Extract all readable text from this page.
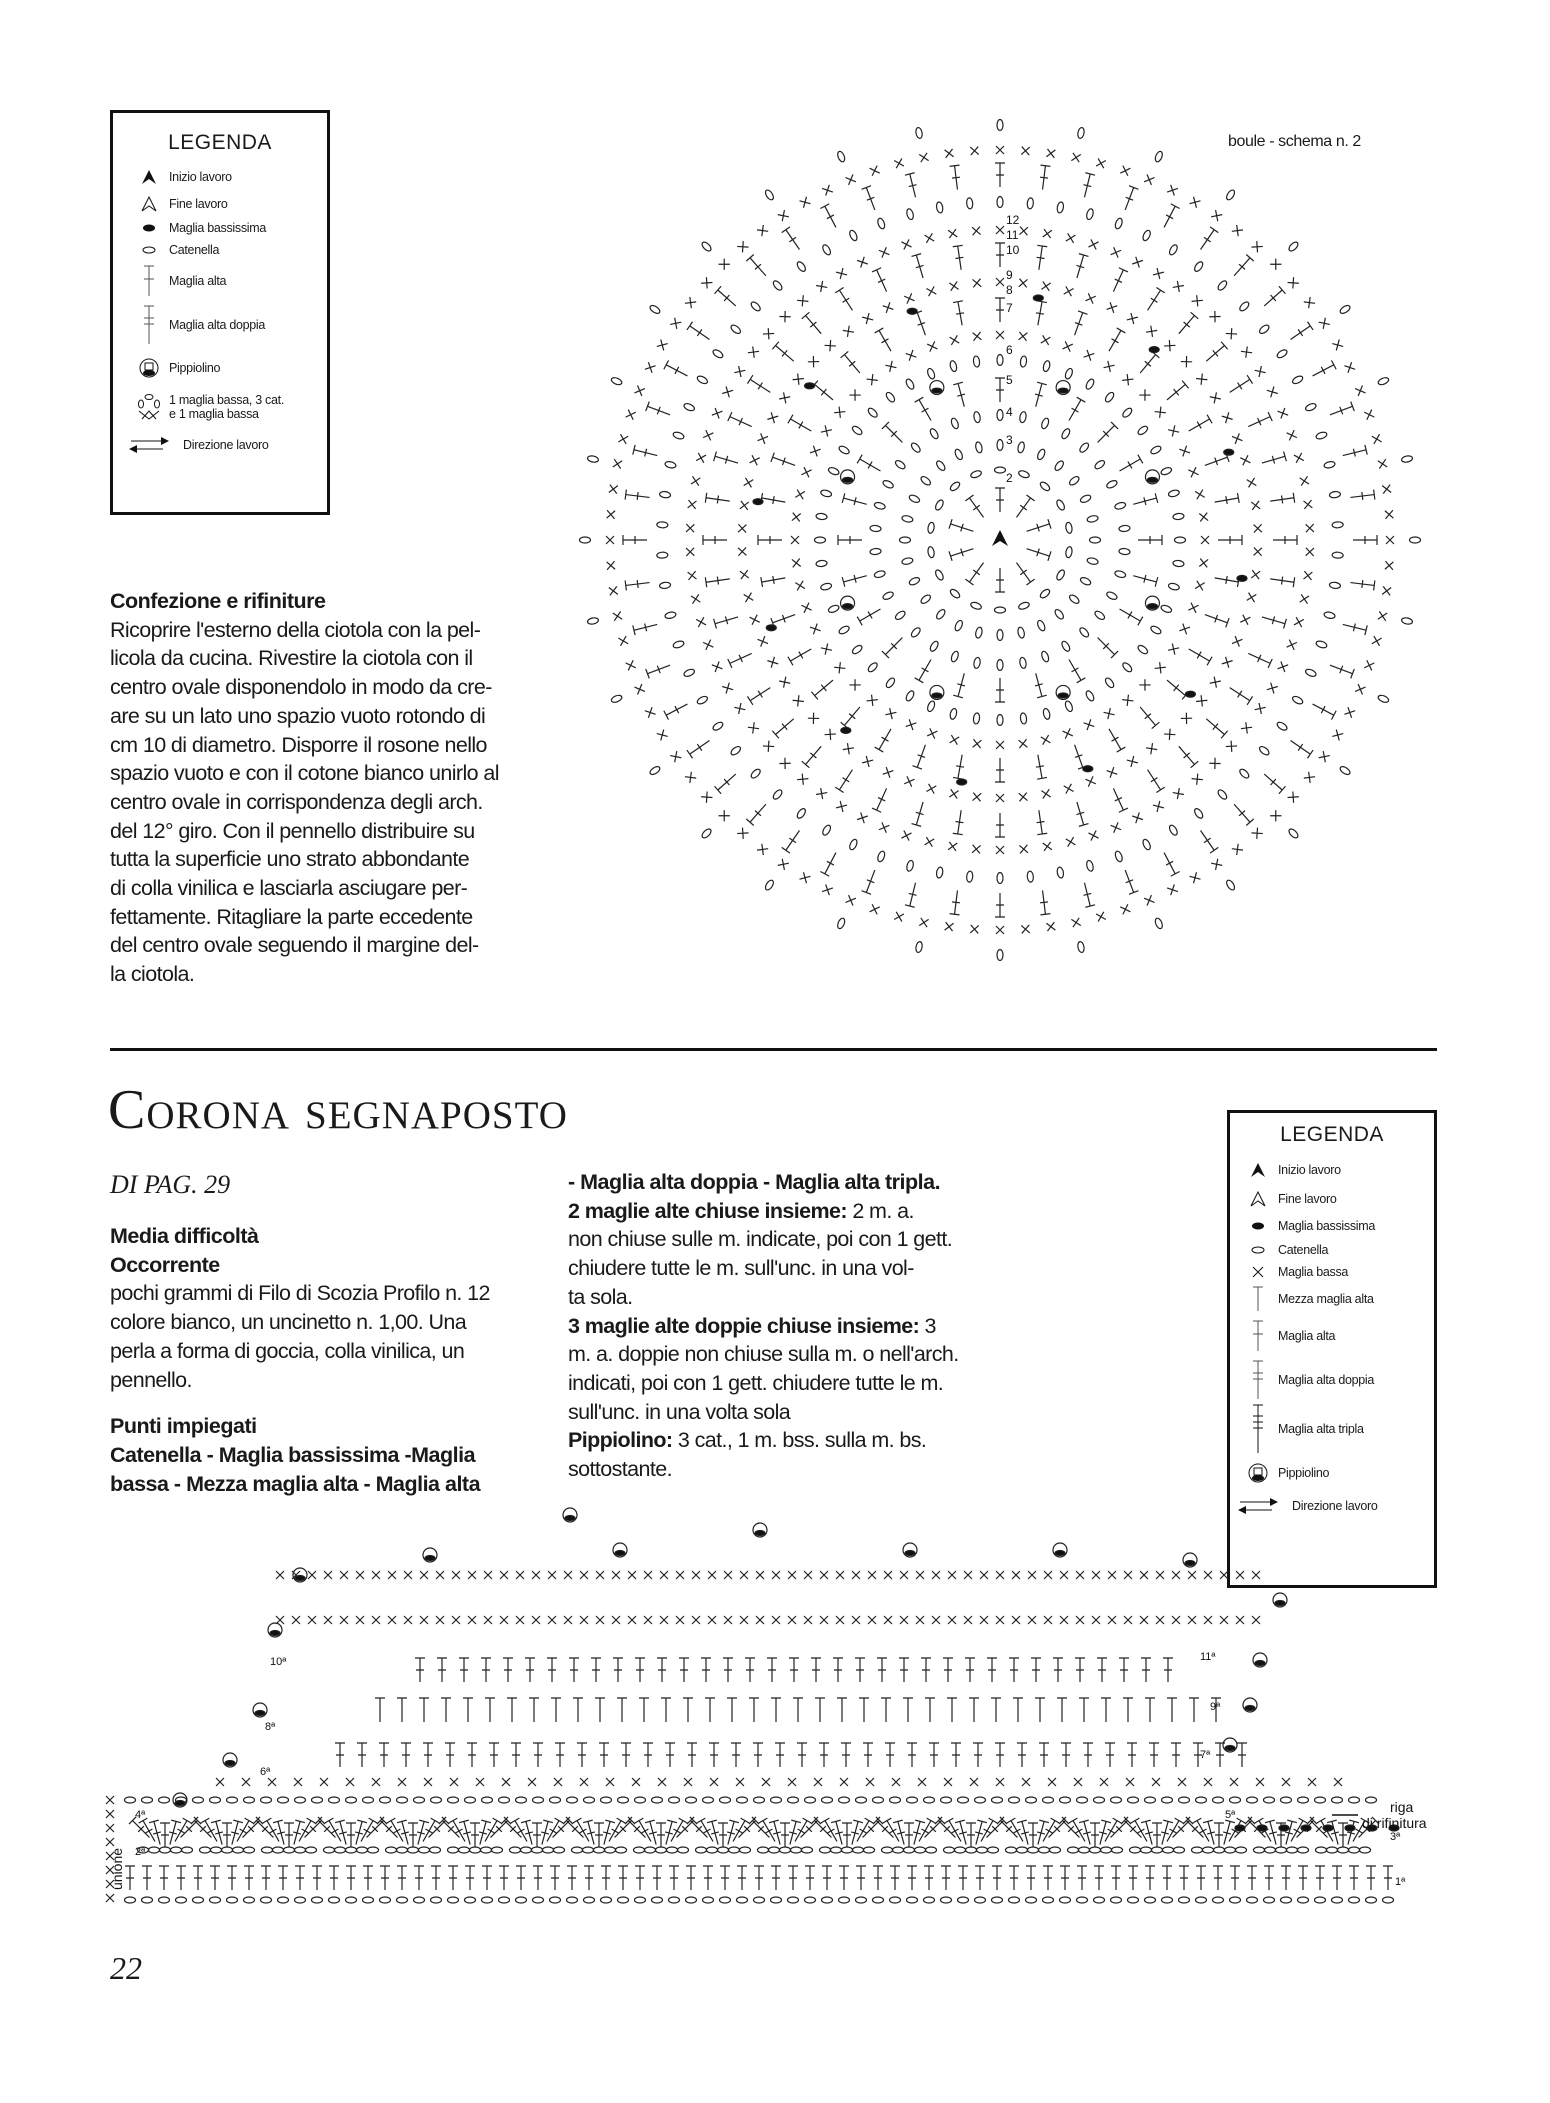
LEGENDA
Inizio lavoro
Fine lavoro
Maglia bassissima
Catenella
Maglia alta
Maglia alta doppia
Pippiolino
1 maglia bassa, 3 cat.
e 1 maglia bassa
Direzione lavoro
boule - schema n. 2
2
3
4
5
6
7
8
9
10
11
12
Confezione e rifiniture
Ricoprire l'esterno della ciotola con la pel-
licola da cucina. Rivestire la ciotola con il
centro ovale disponendolo in modo da cre-
are su un lato uno spazio vuoto rotondo di
cm 10 di diametro. Disporre il rosone nello
spazio vuoto e con il cotone bianco unirlo al
centro ovale in corrispondenza degli arch.
del 12° giro. Con il pennello distribuire su
tutta la superficie uno strato abbondante
di colla vinilica e lasciarla asciugare per-
fettamente. Ritagliare la parte eccedente
del centro ovale seguendo il margine del-
la ciotola.
Corona segnaposto
DI PAG. 29
Media difficoltà
Occorrente
pochi grammi di Filo di Scozia Profilo n. 12
colore bianco, un uncinetto n. 1,00. Una
perla a forma di goccia, colla vinilica, un
pennello.
Punti impiegati
Catenella - Maglia bassissima -Maglia
bassa - Mezza maglia alta - Maglia alta
- Maglia alta doppia - Maglia alta tripla.
2 maglie alte chiuse insieme: 2 m. a.
non chiuse sulle m. indicate, poi con 1 gett.
chiudere tutte le m. sull'unc. in una vol-
ta sola.
3 maglie alte doppie chiuse insieme: 3
m. a. doppie non chiuse sulla m. o nell'arch.
indicati, poi con 1 gett. chiudere tutte le m.
sull'unc. in una volta sola
Pippiolino: 3 cat., 1 m. bss. sulla m. bs.
sottostante.
LEGENDA
Inizio lavoro
Fine lavoro
Maglia bassissima
Catenella
Maglia bassa
Mezza maglia alta
Maglia alta
Maglia alta doppia
Maglia alta tripla
Pippiolino
Direzione lavoro
1ª
2ª
3ª
4ª	5ª
6ª
7ª
8ª
9ª
10ª	11ª
unione
riga
di rifinitura
22
